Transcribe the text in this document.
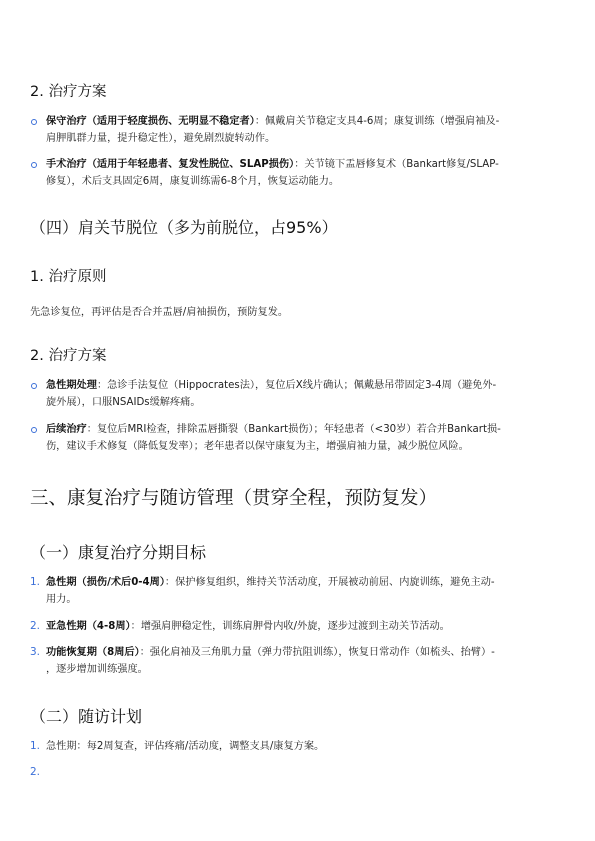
2. 治疗方案
保守治疗（适用于轻度损伤、无明显不稳定者）：佩戴肩关节稳定支具4-6周；康复训练（增强肩袖及-
肩胛肌群力量，提升稳定性），避免剧烈旋转动作。
手术治疗（适用于年轻患者、复发性脱位、SLAP损伤）：关节镜下盂唇修复术（Bankart修复/SLAP-
修复），术后支具固定6周，康复训练需6-8个月，恢复运动能力。
（四）肩关节脱位（多为前脱位，占95%）
1. 治疗原则

先急诊复位，再评估是否合并盂唇/肩袖损伤，预防复发。

2. 治疗方案
急性期处理：急诊手法复位（Hippocrates法），复位后X线片确认；佩戴悬吊带固定3-4周（避免外-
旋外展），口服NSAIDs缓解疼痛。
后续治疗：复位后MRI检查，排除盂唇撕裂（Bankart损伤）；年轻患者（<30岁）若合并Bankart损-
伤，建议手术修复（降低复发率）；老年患者以保守康复为主，增强肩袖力量，减少脱位风险。
三、康复治疗与随访管理（贯穿全程，预防复发）
（一）康复治疗分期目标
1. 急性期（损伤/术后0-4周）：保护修复组织，维持关节活动度，开展被动前屈、内旋训练，避免主动-
用力。
2. 亚急性期（4-8周）：增强肩胛稳定性，训练肩胛骨内收/外旋，逐步过渡到主动关节活动。
3. 功能恢复期（8周后）：强化肩袖及三角肌力量（弹力带抗阻训练），恢复日常动作（如梳头、抬臂）-
，逐步增加训练强度。
（二）随访计划
1. 急性期：每2周复查，评估疼痛/活动度，调整支具/康复方案。
2.
